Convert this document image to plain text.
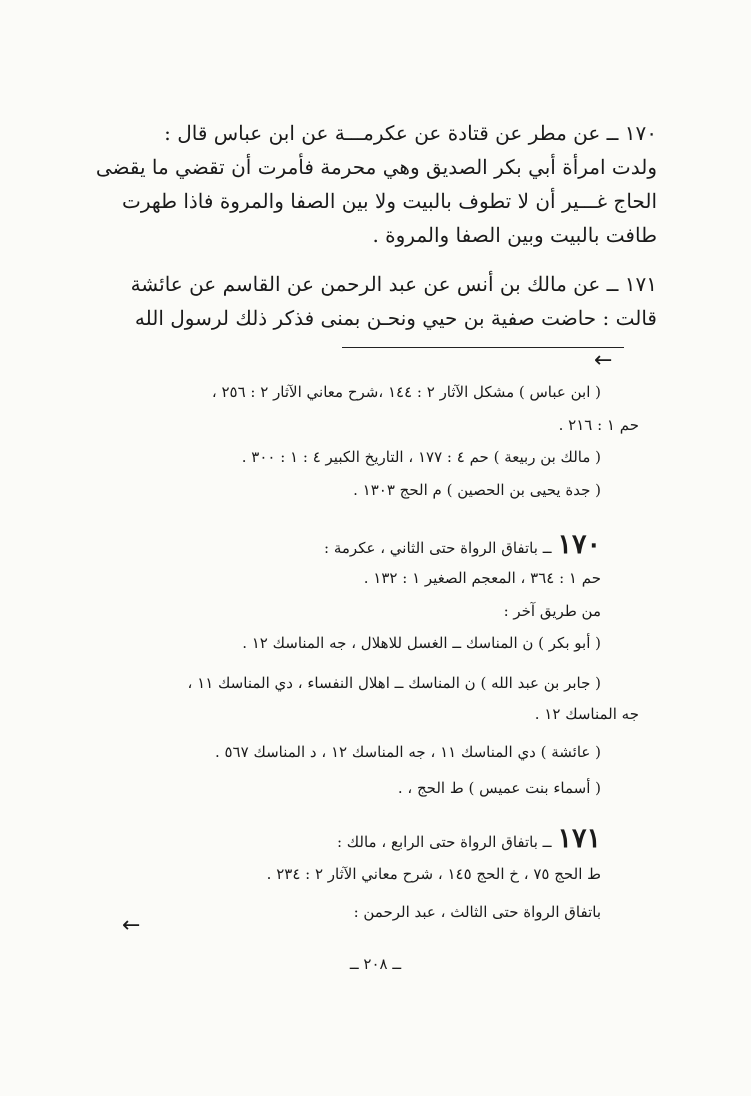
١٧٠ ــ عن مطر عن قتادة عن عكرمـــة عن ابن عباس قال :
ولدت امرأة أبي بكر الصديق وهي محرمة فأمرت أن تقضي ما يقضى
الحاج غـــير أن لا تطوف بالبيت ولا بين الصفا والمروة فاذا طهرت
طافت بالبيت وبين الصفا والمروة .
١٧١ ــ عن مالك بن أنس عن عبد الرحمن عن القاسم عن عائشة
قالت : حاضت صفية بن حيي ونحـن بمنى فذكر ذلك لرسول الله
←
( ابن عباس ) مشكل الآثار ٢ : ١٤٤ ،شرح معاني الآثار ٢ : ٢٥٦ ،
حم ١ : ٢١٦ .
( مالك بن ربيعة ) حم ٤ : ١٧٧ ، التاريخ الكبير ٤ : ١ : ٣٠٠ .
( جدة يحيى بن الحصين ) م الحج ١٣٠٣ .
١٧٠ــ باتفاق الرواة حتى الثاني ، عكرمة :
حم ١ : ٣٦٤ ، المعجم الصغير ١ : ١٣٢ .
من طريق آخر :
( أبو بكر ) ن المناسك ــ الغسل للاهلال ، جه المناسك ١٢ .
( جابر بن عبد الله ) ن المناسك ــ اهلال النفساء ، دي المناسك ١١ ،
جه المناسك ١٢ .
( عائشة ) دي المناسك ١١ ، جه المناسك ١٢ ، د المناسك ٥٦٧ .
( أسماء بنت عميس ) ط الحج ، .
١٧١ــ باتفاق الرواة حتى الرابع ، مالك :
ط الحج ٧٥ ، خ الحج ١٤٥ ، شرح معاني الآثار ٢ : ٢٣٤ .
باتفاق الرواة حتى الثالث ، عبد الرحمن :
←
ــ ٢٠٨ ــ
